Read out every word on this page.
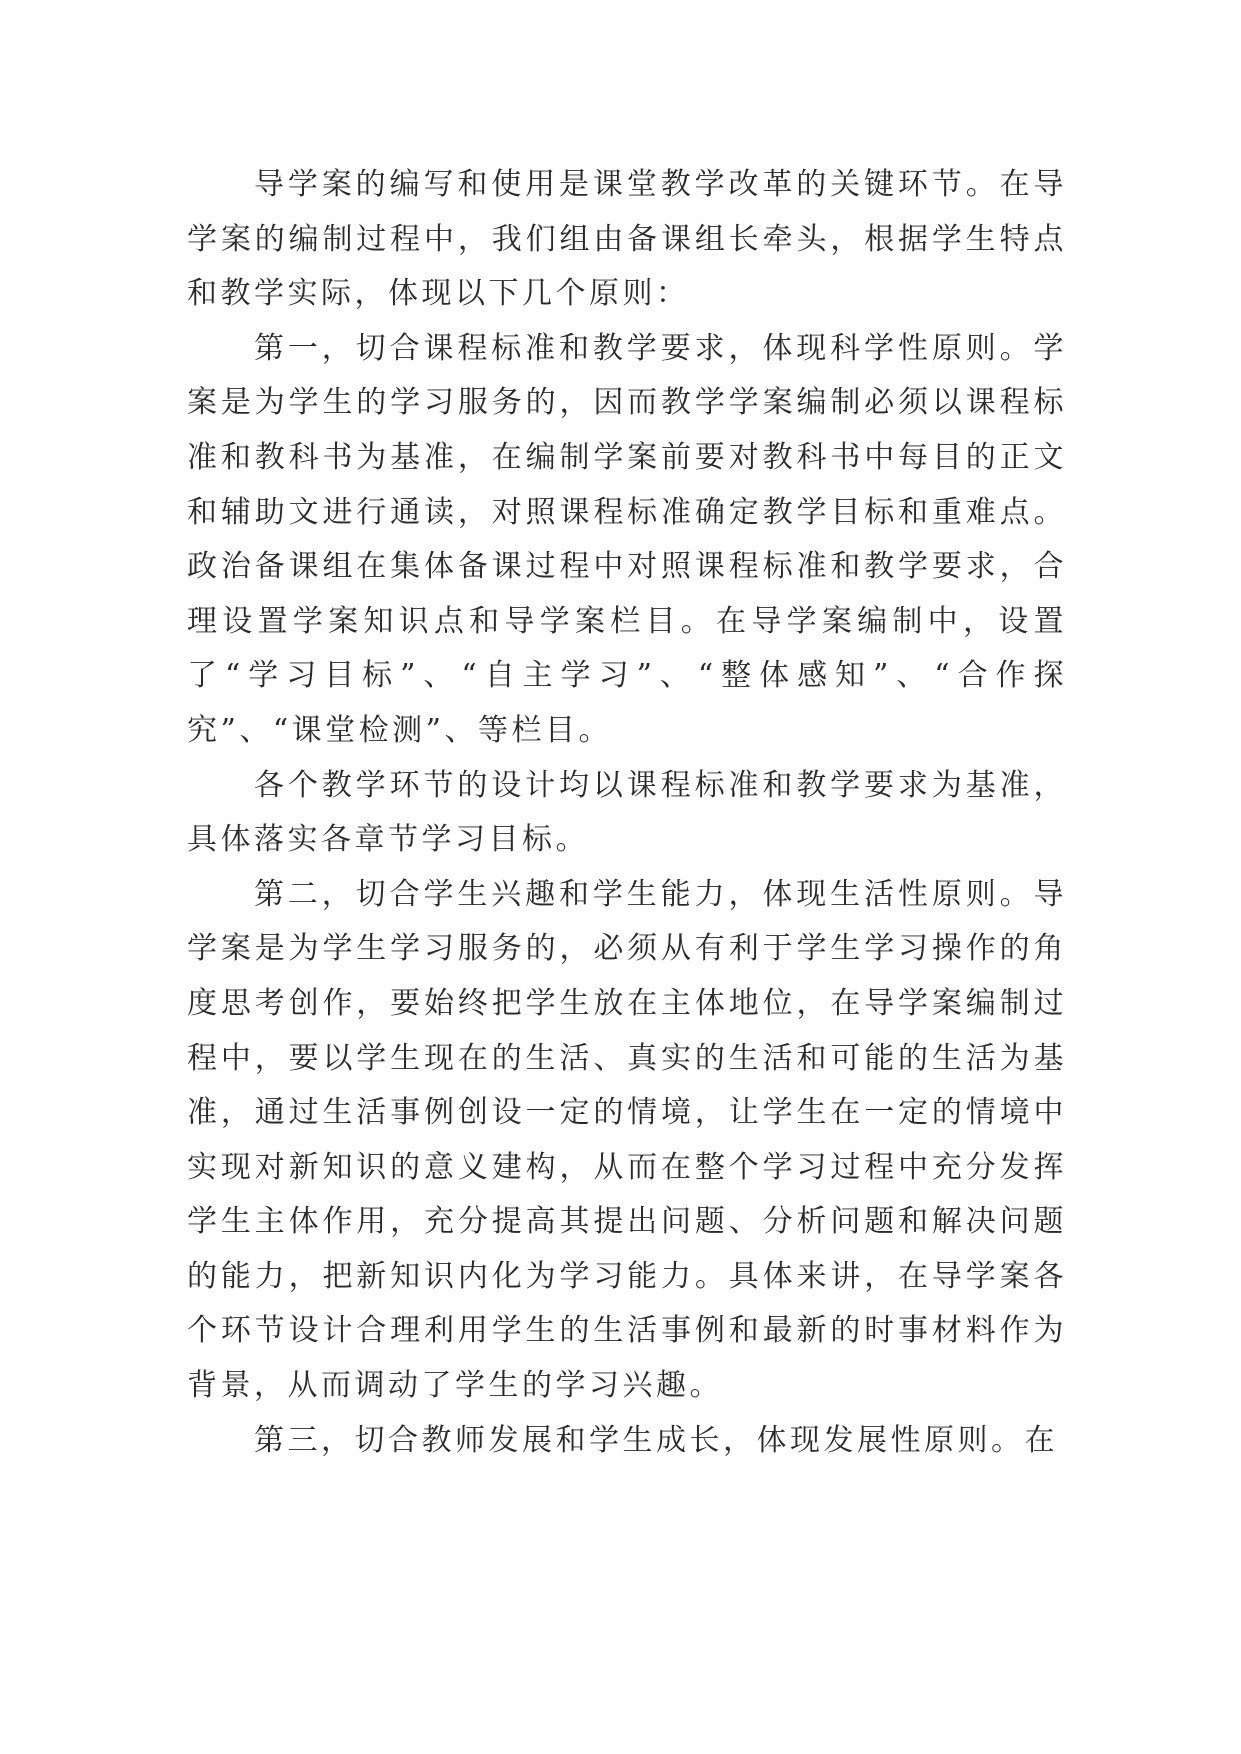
导学案的编写和使用是课堂教学改革的关键环节。在导学案的编制过程中，我们组由备课组长牵头，根据学生特点和教学实际，体现以下几个原则：

第一，切合课程标准和教学要求，体现科学性原则。学案是为学生的学习服务的，因而教学学案编制必须以课程标准和教科书为基准，在编制学案前要对教科书中每目的正文和辅助文进行通读，对照课程标准确定教学目标和重难点。政治备课组在集体备课过程中对照课程标准和教学要求，合理设置学案知识点和导学案栏目。在导学案编制中，设置了“学习目标”、“自主学习”、“整体感知”、“合作探究”、“课堂检测”、等栏目。

各个教学环节的设计均以课程标准和教学要求为基准，具体落实各章节学习目标。

第二，切合学生兴趣和学生能力，体现生活性原则。导学案是为学生学习服务的，必须从有利于学生学习操作的角度思考创作，要始终把学生放在主体地位，在导学案编制过程中，要以学生现在的生活、真实的生活和可能的生活为基准，通过生活事例创设一定的情境，让学生在一定的情境中实现对新知识的意义建构，从而在整个学习过程中充分发挥学生主体作用，充分提高其提出问题、分析问题和解决问题的能力，把新知识内化为学习能力。具体来讲，在导学案各个环节设计合理利用学生的生活事例和最新的时事材料作为背景，从而调动了学生的学习兴趣。

第三，切合教师发展和学生成长，体现发展性原则。在
